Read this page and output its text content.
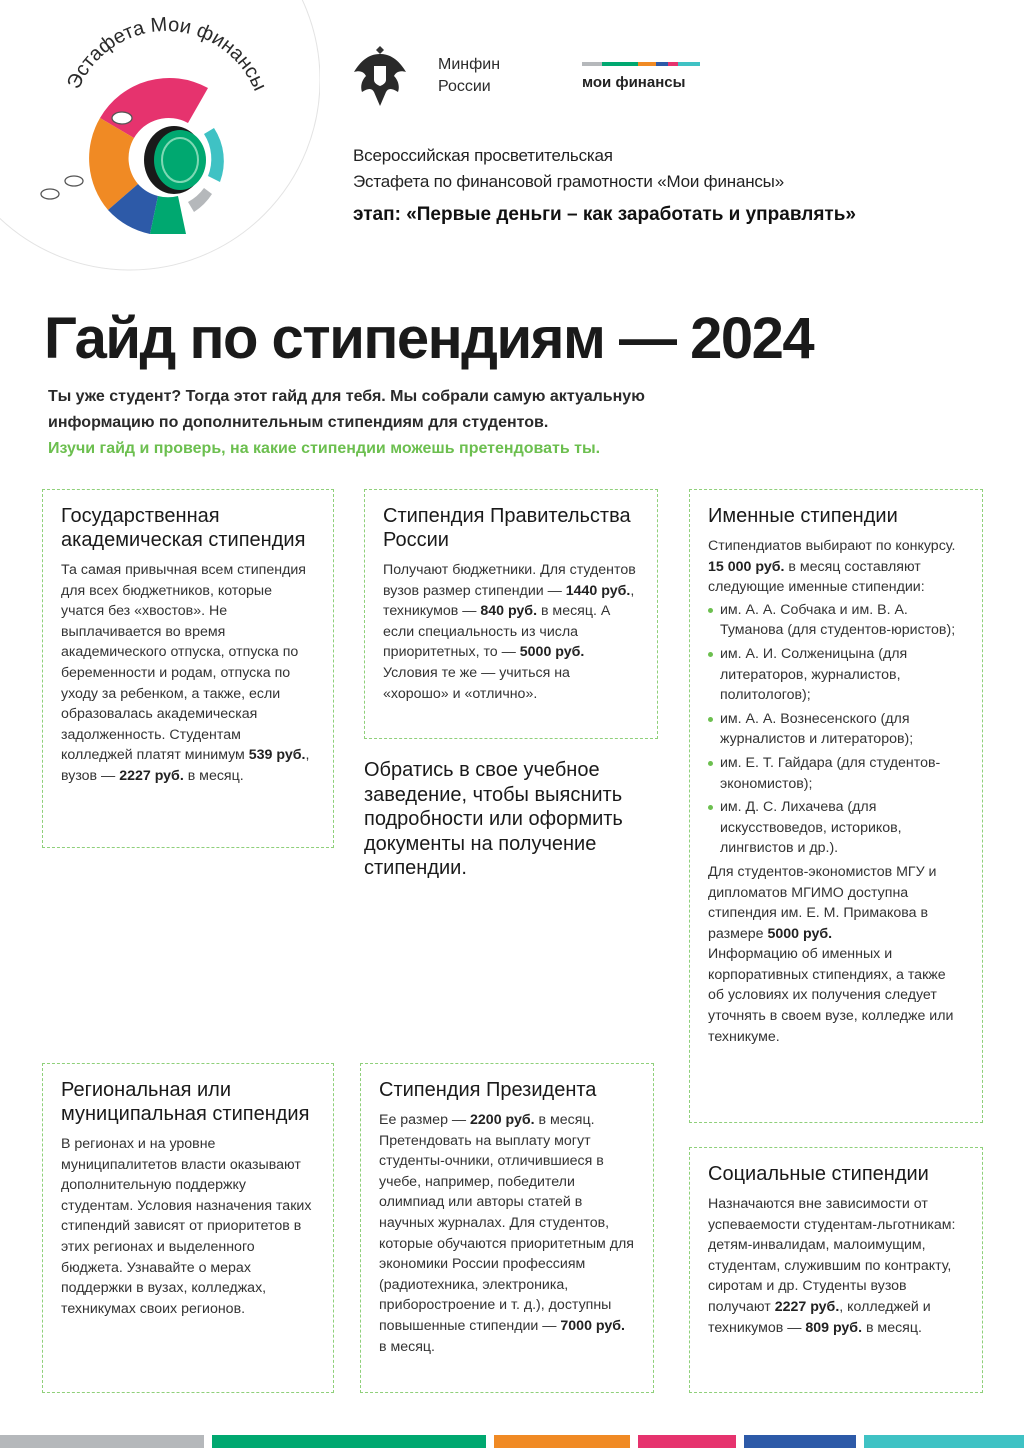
Эстафета Мои финансы
Минфин
России	мои финансы
Всероссийская просветительская
Эстафета по финансовой грамотности «Мои финансы»
этап: «Первые деньги – как заработать и управлять»
Гайд по стипендиям — 2024
Ты уже студент? Тогда этот гайд для тебя. Мы собрали самую актуальную
информацию по дополнительным стипендиям для студентов.
Изучи гайд и проверь, на какие стипендии можешь претендовать ты.
Государственная академическая стипендия

Та самая привычная всем стипендия для всех бюджетников, которые учатся без «хвостов». Не выплачивается во время академического отпуска, отпуска по беременности и родам, отпуска по уходу за ребенком, а также, если образовалась академическая задолженность. Студентам колледжей платят минимум 539 руб., вузов — 2227 руб. в месяц.

Стипендия Правительства России

Получают бюджетники. Для студентов вузов размер стипендии — 1440 руб., техникумов — 840 руб. в месяц. А если специальность из числа приоритетных, то — 5000 руб. Условия те же — учиться на «хорошо» и «отлично».

Обратись в свое учебное заведение, чтобы выяснить подробности или оформить документы на получение стипендии.
Именные стипендии

Стипендиатов выбирают по конкурсу. 15 000 руб. в месяц составляют следующие именные стипендии:

им. А. А. Собчака и им. В. А. Туманова (для студентов-юристов);
им. А. И. Солженицына (для литераторов, журналистов, политологов);
им. А. А. Вознесенского (для журналистов и литераторов);
им. Е. Т. Гайдара (для студентов-экономистов);
им. Д. С. Лихачева (для искусствоведов, историков, лингвистов и др.).

Для студентов-экономистов МГУ и дипломатов МГИМО доступна стипендия им. Е. М. Примакова в размере 5000 руб.

Информацию об именных и корпоративных стипендиях, а также об условиях их получения следует уточнять в своем вузе, колледже или техникуме.

Региональная или муниципальная стипендия

В регионах и на уровне муниципалитетов власти оказывают дополнительную поддержку студентам. Условия назначения таких стипендий зависят от приоритетов в этих регионах и выделенного бюджета. Узнавайте о мерах поддержки в вузах, колледжах, техникумах своих регионов.

Стипендия Президента

Ее размер — 2200 руб. в месяц. Претендовать на выплату могут студенты-очники, отличившиеся в учебе, например, победители олимпиад или авторы статей в научных журналах. Для студентов, которые обучаются приоритетным для экономики России профессиям (радиотехника, электроника, приборостроение и т. д.), доступны повышенные стипендии — 7000 руб. в месяц.

Социальные стипендии

Назначаются вне зависимости от успеваемости студентам-льготникам: детям-инвалидам, малоимущим, студентам, служившим по контракту, сиротам и др. Студенты вузов получают 2227 руб., колледжей и техникумов — 809 руб. в месяц.
